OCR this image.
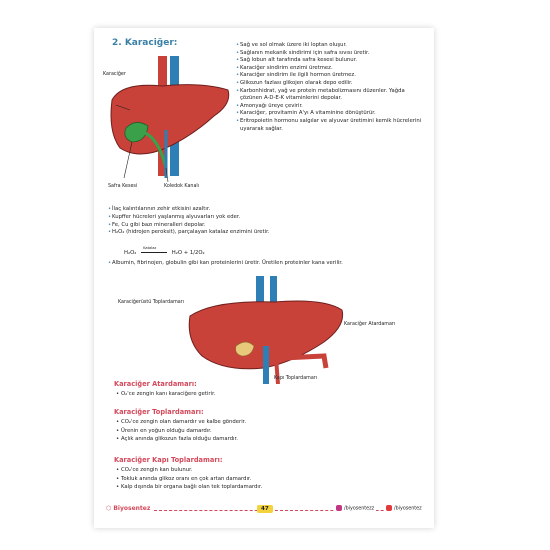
2. Karaciğer:
Karaciğer
Safra Kesesi	Koledok Kanalı
• Sağ ve sol olmak üzere iki loptan oluşur.
• Sağlanın mekanik sindirimi için safra sıvısı üretir.
• Sağ lobun alt tarafında safra kesesi bulunur.
• Karaciğer sindirim enzimi üretmez.
• Karaciğer sindirim ile ilgili hormon üretmez.
• Glikozun fazlası glikojen olarak depo edilir.
• Karbonhidrat, yağ ve protein metabolizmasını düzenler. Yağda çözünen A-D-E-K vitaminlerini depolar.
• Amonyağı üreye çevirir.
• Karaciğer, provitamin A'yı A vitaminine dönüştürür.
• Eritropoietin hormonu salgılar ve alyuvar üretimini kemik hücrelerini uyararak sağlar.
• İlaç kalıntılarının zehir etkisini azaltır.
• Kupffer hücreleri yaşlanmış alyuvarları yok eder.
• Fe, Cu gibi bazı mineralleri depolar.
• H₂O₂ (hidrojen peroksit), parçalayan katalaz enzimini üretir.
H₂O₂
Katalaz
H₂O + 1/2O₂
• Albumin, fibrinojen, globulin gibi kan proteinlerini üretir. Üretilen proteinler kana verilir.
Karaciğerüstü Toplardamarı
Karaciğer Atardamarı
Kapı Toplardamarı
Karaciğer Atardamarı:
• O₂'ce zengin kanı karaciğere getirir.
Karaciğer Toplardamarı:
• CO₂'ce zengin olan damardır ve kalbe gönderir.
• Ürenin en yoğun olduğu damardır.
• Açlık anında glikozun fazla olduğu damardır.
Karaciğer Kapı Toplardamarı:
• CO₂'ce zengin kan bulunur.
• Tokluk anında glikoz oranı en çok artan damardır.
• Kalp dışında bir organa bağlı olan tek toplardamardır.
⬡ Biyosentez	47	/biyosentezz	/biyosentez
